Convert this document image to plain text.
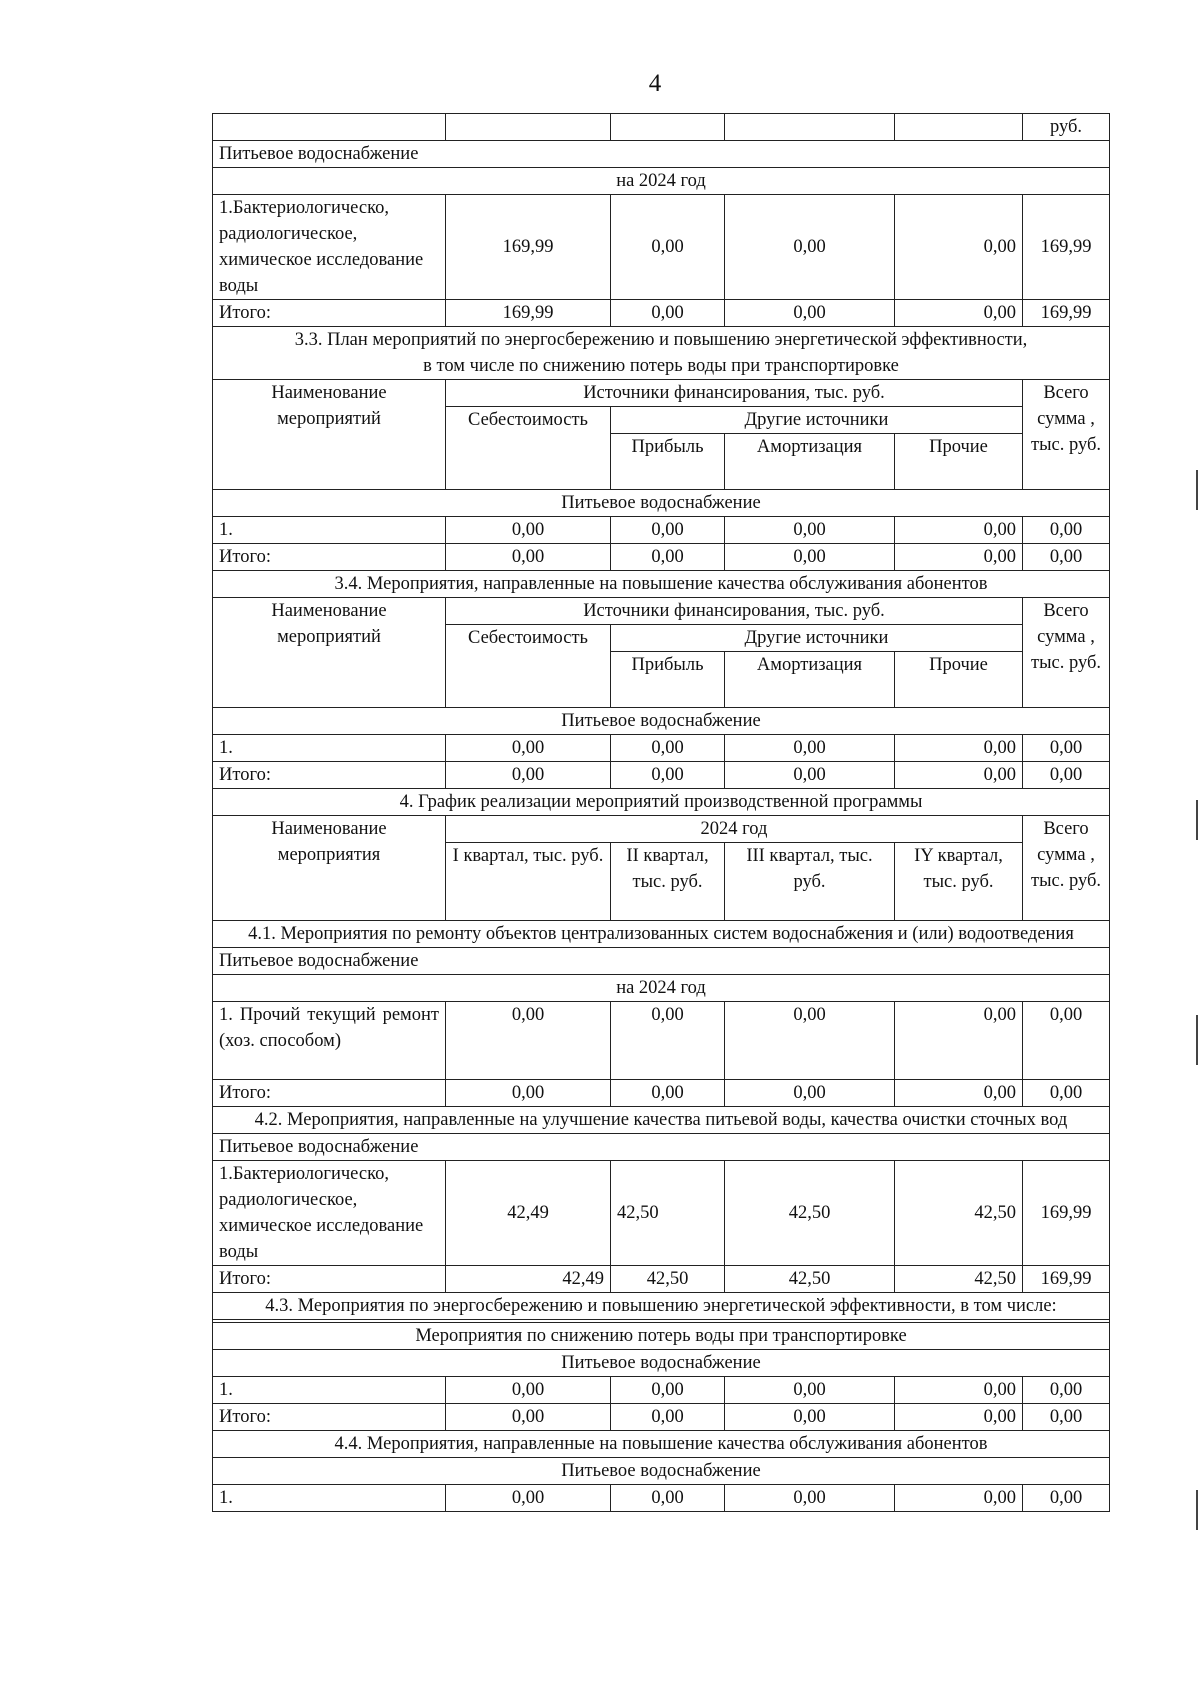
4
					руб.
Питьевое водоснабжение					
на 2024 год					
1.Бактериологическо, радиологическое, химическое исследование воды	169,99	0,00	0,00	0,00	169,99
Итого:	169,99	0,00	0,00	0,00	169,99
3.3. План мероприятий по энергосбережению и повышению энергетической эффективности, в том числе по снижению потерь воды при транспортировке					
Наименование мероприятий	Источники финансирования, тыс. руб.				Всего сумма , тыс. руб.
	Себестоимость	Другие источники			
		Прибыль	Амортизация	Прочие	
Питьевое водоснабжение					
1.	0,00	0,00	0,00	0,00	0,00
Итого:	0,00	0,00	0,00	0,00	0,00
3.4. Мероприятия, направленные на повышение качества обслуживания абонентов					
Наименование мероприятий	Источники финансирования, тыс. руб.				Всего сумма , тыс. руб.
	Себестоимость	Другие источники			
		Прибыль	Амортизация	Прочие	
Питьевое водоснабжение					
1.	0,00	0,00	0,00	0,00	0,00
Итого:	0,00	0,00	0,00	0,00	0,00
4. График реализации мероприятий производственной программы					
Наименование мероприятия	2024 год				Всего сумма , тыс. руб.
	I квартал, тыс. руб.	II квартал, тыс. руб.	III квартал, тыс. руб.	IY квартал, тыс. руб.	
4.1. Мероприятия по ремонту объектов централизованных систем водоснабжения и (или) водоотведения					
Питьевое водоснабжение					
на 2024 год					
1. Прочий текущий ремонт (хоз. способом)	0,00	0,00	0,00	0,00	0,00
Итого:	0,00	0,00	0,00	0,00	0,00
4.2. Мероприятия, направленные на улучшение качества питьевой воды, качества очистки сточных вод					
Питьевое водоснабжение					
1.Бактериологическо, радиологическое, химическое исследование воды	42,49	42,50	42,50	42,50	169,99
Итого:	42,49	42,50	42,50	42,50	169,99
4.3. Мероприятия по энергосбережению и повышению энергетической эффективности, в том числе:					

Мероприятия по снижению потерь воды при транспортировке					
Питьевое водоснабжение					
1.	0,00	0,00	0,00	0,00	0,00
Итого:	0,00	0,00	0,00	0,00	0,00
4.4. Мероприятия, направленные на повышение качества обслуживания абонентов					
Питьевое водоснабжение					
1.	0,00	0,00	0,00	0,00	0,00
